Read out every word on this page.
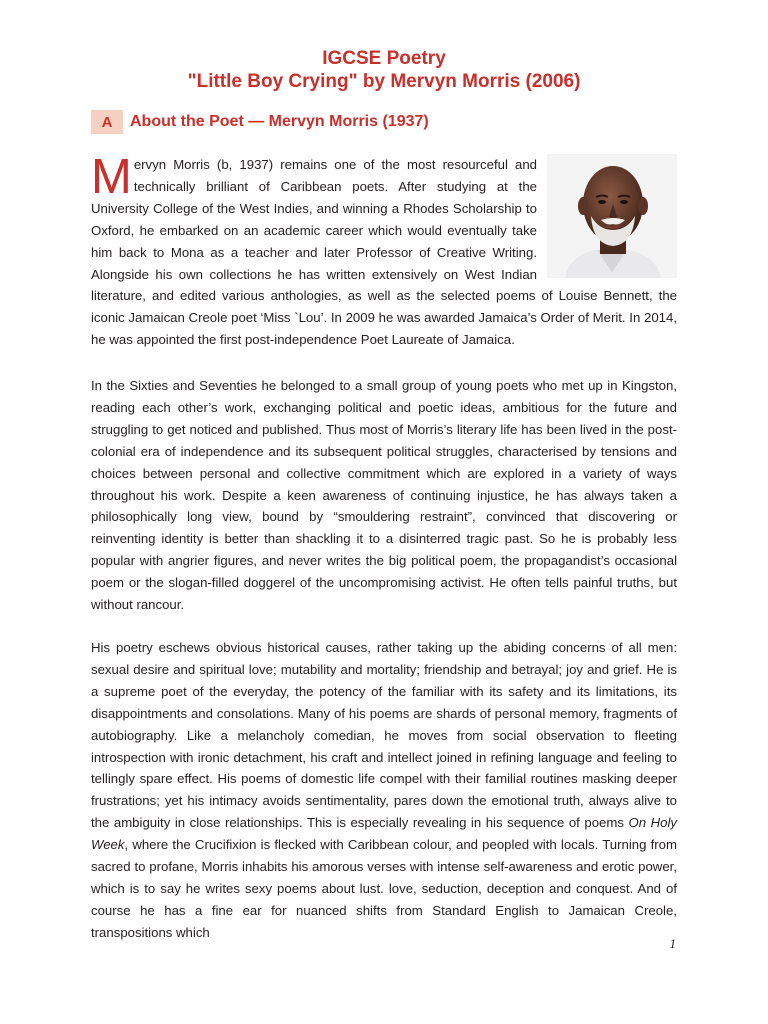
IGCSE Poetry
"Little Boy Crying" by Mervyn Morris (2006)
A	About the Poet — Mervyn Morris (1937)

Mervyn Morris (b, 1937) remains one of the most resourceful and technically brilliant of Caribbean poets. After studying at the University College of the West Indies, and winning a Rhodes Scholarship to Oxford, he embarked on an academic career which would eventually take him back to Mona as a teacher and later Professor of Creative Writing. Alongside his own collections he has written extensively on West Indian literature, and edited various anthologies, as well as the selected poems of Louise Bennett, the iconic Jamaican Creole poet ‘Miss `Lou’. In 2009 he was awarded Jamaica’s Order of Merit. In 2014, he was appointed the first post-independence Poet Laureate of Jamaica.

In the Sixties and Seventies he belonged to a small group of young poets who met up in Kingston, reading each other’s work, exchanging political and poetic ideas, ambitious for the future and struggling to get noticed and published. Thus most of Morris’s literary life has been lived in the post-colonial era of independence and its subsequent political struggles, characterised by tensions and choices between personal and collective commitment which are explored in a variety of ways throughout his work. Despite a keen awareness of continuing injustice, he has always taken a philosophically long view, bound by “smouldering restraint”, convinced that discovering or reinventing identity is better than shackling it to a disinterred tragic past. So he is probably less popular with angrier figures, and never writes the big political poem, the propagandist’s occasional poem or the slogan-filled doggerel of the uncompromising activist. He often tells painful truths, but without rancour.

His poetry eschews obvious historical causes, rather taking up the abiding concerns of all men: sexual desire and spiritual love; mutability and mortality; friendship and betrayal; joy and grief. He is a supreme poet of the everyday, the potency of the familiar with its safety and its limitations, its disappointments and consolations. Many of his poems are shards of personal memory, fragments of autobiography. Like a melancholy comedian, he moves from social observation to fleeting introspection with ironic detachment, his craft and intellect joined in refining language and feeling to tellingly spare effect. His poems of domestic life compel with their familial routines masking deeper frustrations; yet his intimacy avoids sentimentality, pares down the emotional truth, always alive to the ambiguity in close relationships. This is especially revealing in his sequence of poems On Holy Week, where the Crucifixion is flecked with Caribbean colour, and peopled with locals. Turning from sacred to profane, Morris inhabits his amorous verses with intense self-awareness and erotic power, which is to say he writes sexy poems about lust. love, seduction, deception and conquest. And of course he has a fine ear for nuanced shifts from Standard English to Jamaican Creole, transpositions which

1
